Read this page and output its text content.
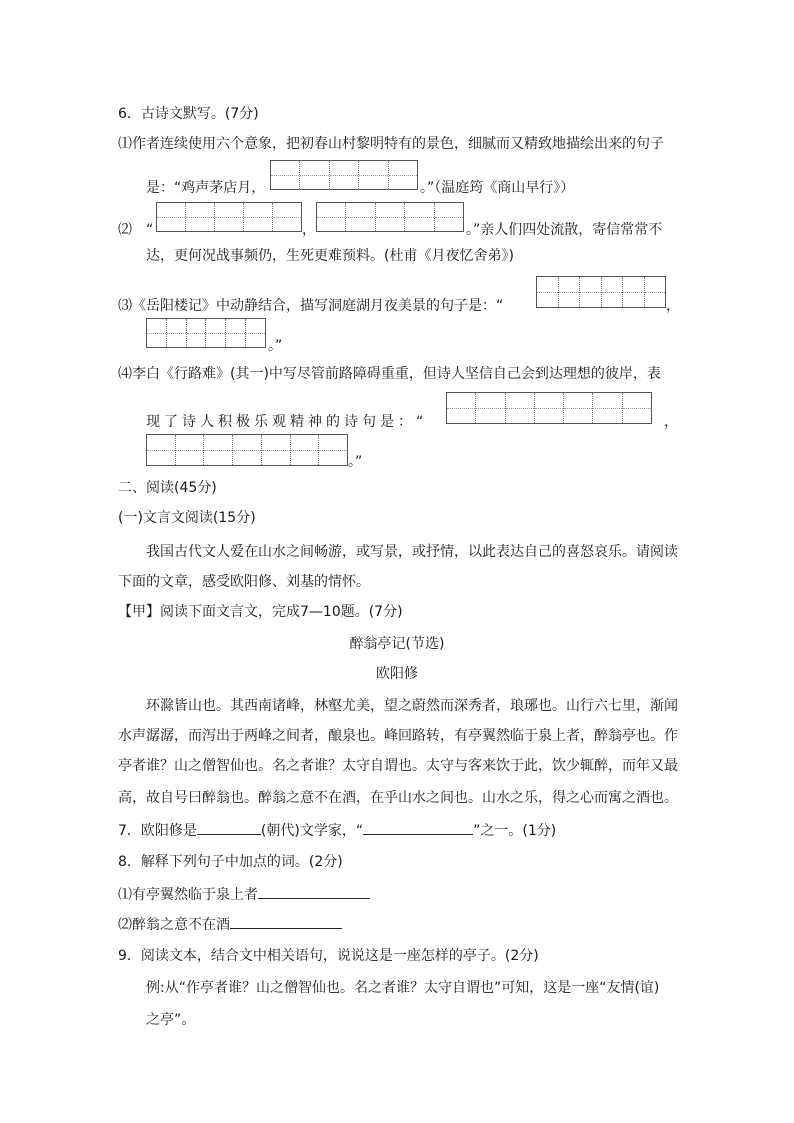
6．古诗文默写。(7分)
⑴作者连续使用六个意象，把初春山村黎明特有的景色，细腻而又精致地描绘出来的句子
是：“鸡声茅店月，	。”（温庭筠《商山早行》）
⑵ “	，	。”亲人们四处流散，寄信常常不
达，更何况战事频仍，生死更难预料。(杜甫《月夜忆舍弟》)
⑶《岳阳楼记》中动静结合，描写洞庭湖月夜美景的句子是：“	，
。”
⑷李白《行路难》(其一)中写尽管前路障碍重重，但诗人坚信自己会到达理想的彼岸，表
现了诗人积极乐观精神的诗句是：“	，
。”
二、阅读(45分)
(一)文言文阅读(15分)
我国古代文人爱在山水之间畅游，或写景，或抒情，以此表达自己的喜怒哀乐。请阅读
下面的文章，感受欧阳修、刘基的情怀。
【甲】阅读下面文言文，完成7—10题。(7分)
醉翁亭记(节选)
欧阳修
环滁皆山也。其西南诸峰，林壑尤美，望之蔚然而深秀者，琅琊也。山行六七里，渐闻
水声潺潺，而泻出于两峰之间者，酿泉也。峰回路转，有亭翼然临于泉上者，醉翁亭也。作
亭者谁？山之僧智仙也。名之者谁？太守自谓也。太守与客来饮于此，饮少辄醉，而年又最
高，故自号曰醉翁也。醉翁之意不在酒，在乎山水之间也。山水之乐，得之心而寓之酒也。
7．欧阳修是	(朝代)文学家，“	”之一。(1分)
8．解释下列句子中加点的词。(2分)
⑴有亭翼然临于泉上者
⑵醉翁之意不在酒
9．阅读文本，结合文中相关语句，说说这是一座怎样的亭子。(2分)
例:从“作亭者谁？山之僧智仙也。名之者谁？太守自谓也”可知，这是一座“友情(谊)
之亭”。
